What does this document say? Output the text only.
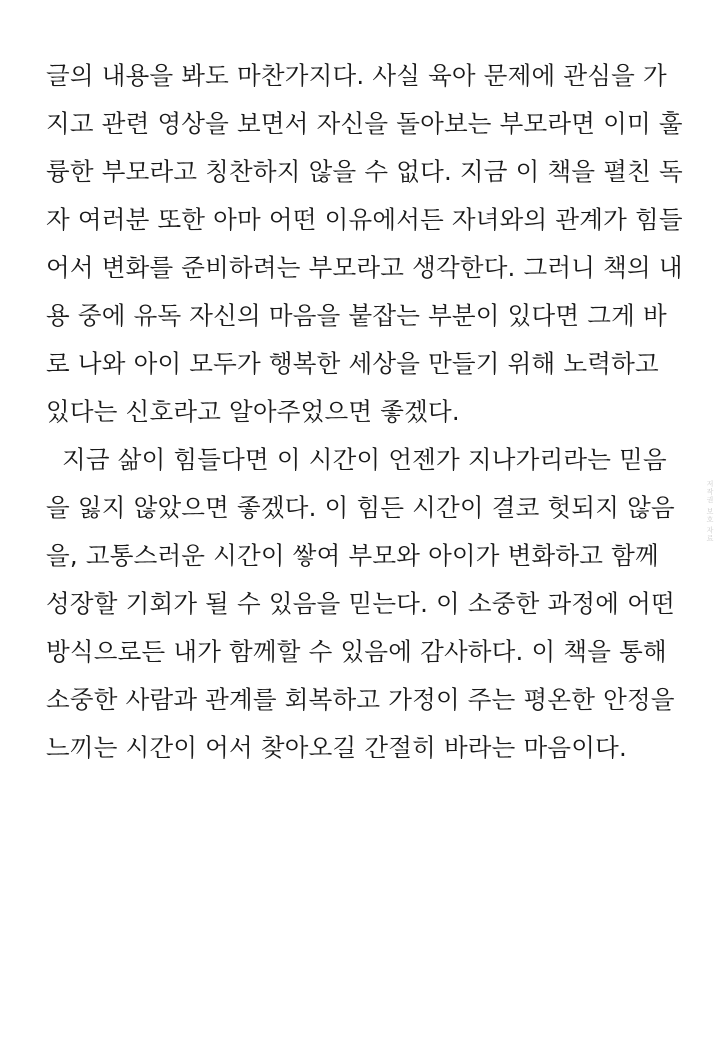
글의 내용을 봐도 마찬가지다. 사실 육아 문제에 관심을 가
지고 관련 영상을 보면서 자신을 돌아보는 부모라면 이미 훌
륭한 부모라고 칭찬하지 않을 수 없다. 지금 이 책을 펼친 독
자 여러분 또한 아마 어떤 이유에서든 자녀와의 관계가 힘들
어서 변화를 준비하려는 부모라고 생각한다. 그러니 책의 내
용 중에 유독 자신의 마음을 붙잡는 부분이 있다면 그게 바
로 나와 아이 모두가 행복한 세상을 만들기 위해 노력하고
있다는 신호라고 알아주었으면 좋겠다.
지금 삶이 힘들다면 이 시간이 언젠가 지나가리라는 믿음
을 잃지 않았으면 좋겠다. 이 힘든 시간이 결코 헛되지 않음
을, 고통스러운 시간이 쌓여 부모와 아이가 변화하고 함께
성장할 기회가 될 수 있음을 믿는다. 이 소중한 과정에 어떤
방식으로든 내가 함께할 수 있음에 감사하다. 이 책을 통해
소중한 사람과 관계를 회복하고 가정이 주는 평온한 안정을
느끼는 시간이 어서 찾아오길 간절히 바라는 마음이다.
저작권 보호 자료
